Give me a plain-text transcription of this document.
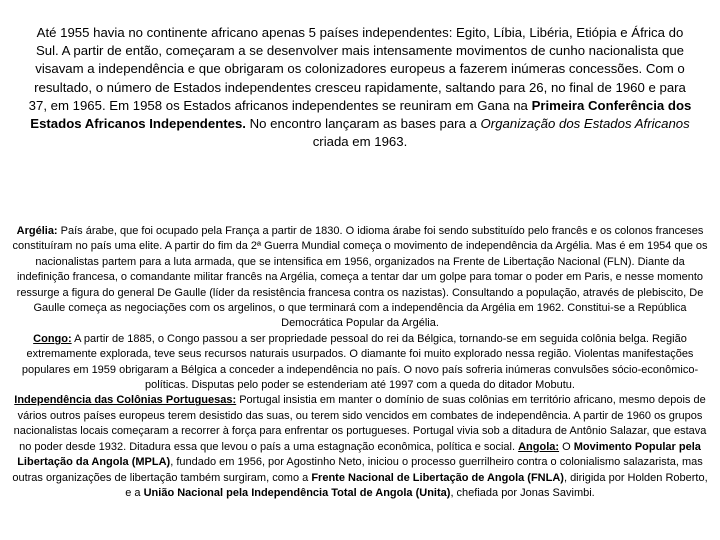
Até 1955 havia no continente africano apenas 5 países independentes: Egito, Líbia, Libéria, Etiópia e África do Sul. A partir de então, começaram a se desenvolver mais intensamente movimentos de cunho nacionalista que visavam a independência e que obrigaram os colonizadores europeus a fazerem inúmeras concessões. Com o resultado, o número de Estados independentes cresceu rapidamente, saltando para 26, no final de 1960 e para 37, em 1965. Em 1958 os Estados africanos independentes se reuniram em Gana na Primeira Conferência dos Estados Africanos Independentes. No encontro lançaram as bases para a Organização dos Estados Africanos criada em 1963.

Argélia: País árabe, que foi ocupado pela França a partir de 1830. O idioma árabe foi sendo substituído pelo francês e os colonos franceses constituíram no país uma elite. A partir do fim da 2ª Guerra Mundial começa o movimento de independência da Argélia. Mas é em 1954 que os nacionalistas partem para a luta armada, que se intensifica em 1956, organizados na Frente de Libertação Nacional (FLN). Diante da indefinição francesa, o comandante militar francês na Argélia, começa a tentar dar um golpe para tomar o poder em Paris, e nesse momento ressurge a figura do general De Gaulle (líder da resistência francesa contra os nazistas). Consultando a população, através de plebiscito, De Gaulle começa as negociações com os argelinos, o que terminará com a independência da Argélia em 1962. Constitui-se a República Democrática Popular da Argélia.

Congo: A partir de 1885, o Congo passou a ser propriedade pessoal do rei da Bélgica, tornando-se em seguida colônia belga. Região extremamente explorada, teve seus recursos naturais usurpados. O diamante foi muito explorado nessa região. Violentas manifestações populares em 1959 obrigaram a Bélgica a conceder a independência no país. O novo país sofreria inúmeras convulsões sócio-econômico-políticas. Disputas pelo poder se estenderiam até 1997 com a queda do ditador Mobutu.

Independência das Colônias Portuguesas: Portugal insistia em manter o domínio de suas colônias em território africano, mesmo depois de vários outros países europeus terem desistido das suas, ou terem sido vencidos em combates de independência. A partir de 1960 os grupos nacionalistas locais começaram a recorrer à força para enfrentar os portugueses. Portugal vivia sob a ditadura de Antônio Salazar, que estava no poder desde 1932. Ditadura essa que levou o país a uma estagnação econômica, política e social. Angola: O Movimento Popular pela Libertação da Angola (MPLA), fundado em 1956, por Agostinho Neto, iniciou o processo guerrilheiro contra o colonialismo salazarista, mas outras organizações de libertação também surgiram, como a Frente Nacional de Libertação de Angola (FNLA), dirigida por Holden Roberto, e a União Nacional pela Independência Total de Angola (Unita), chefiada por Jonas Savimbi.
